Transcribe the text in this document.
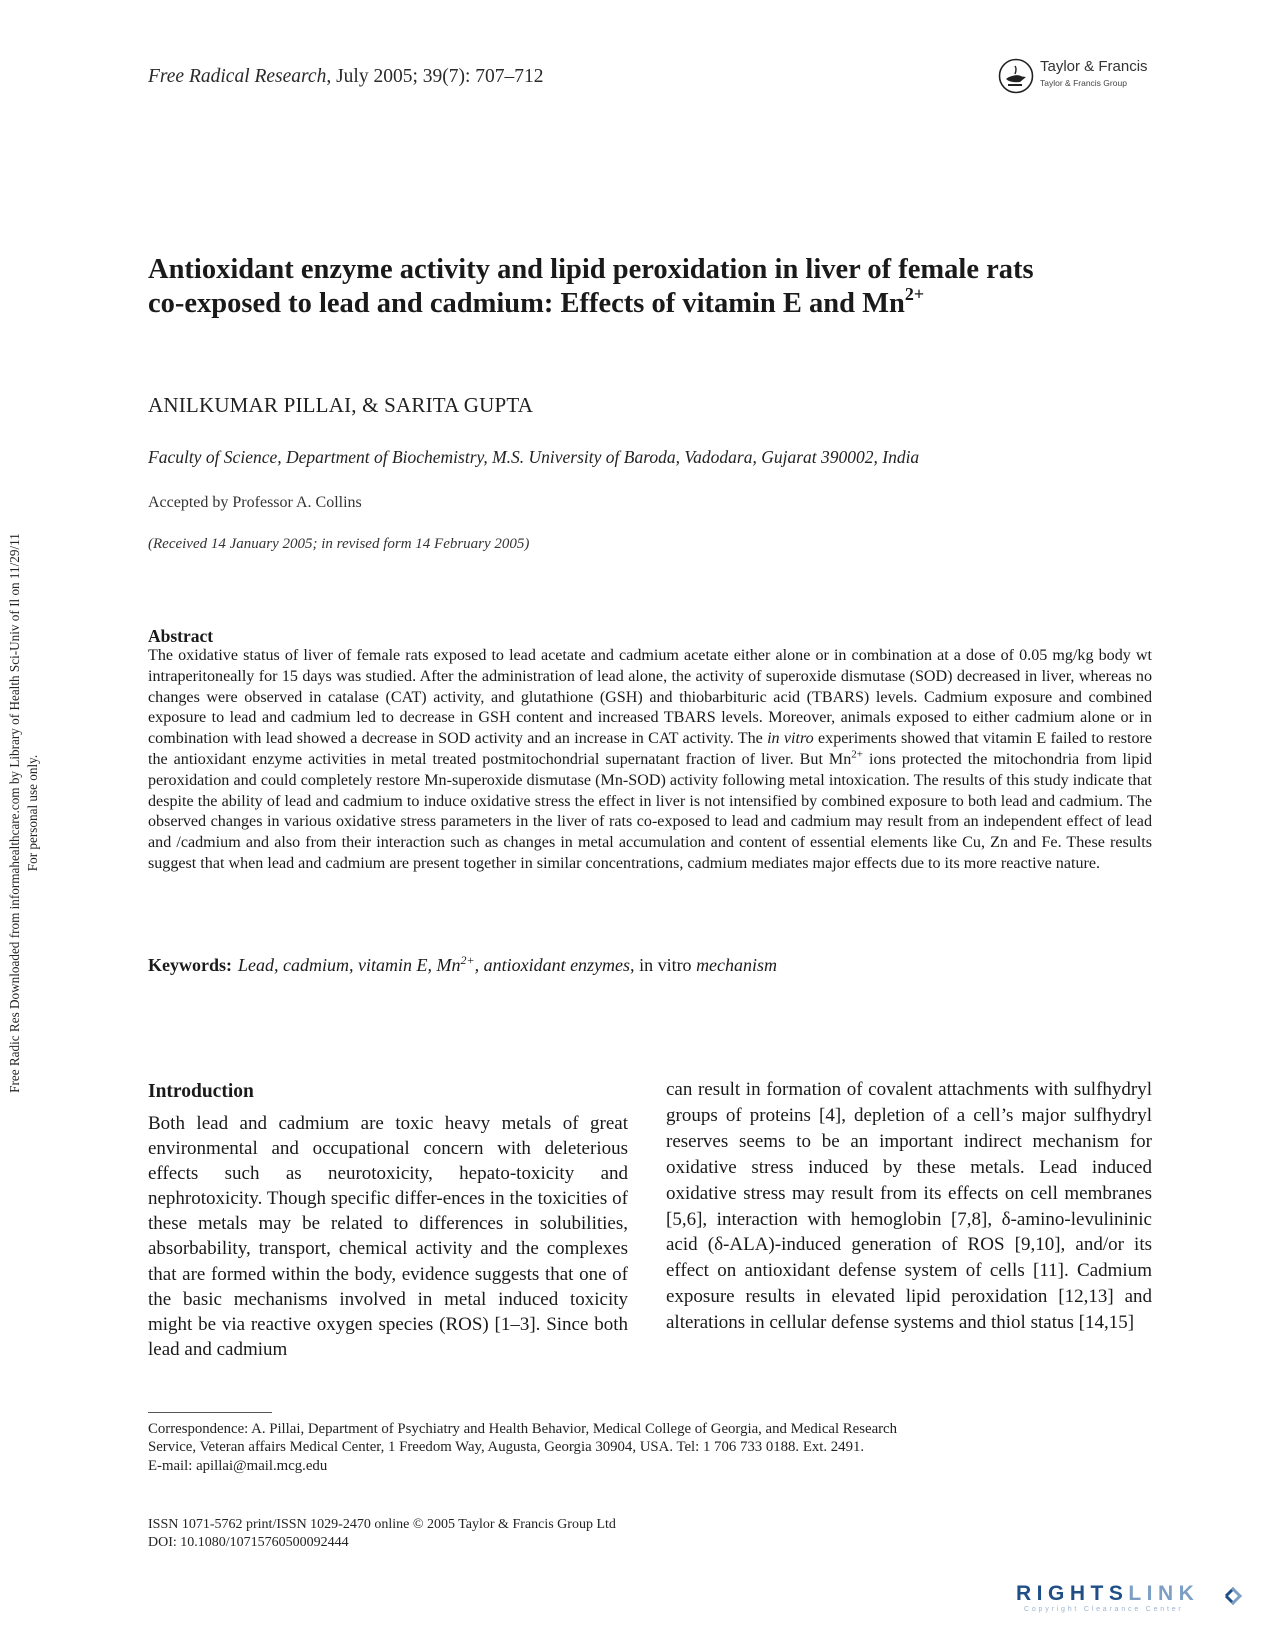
Free Radical Research, July 2005; 39(7): 707–712	Taylor & Francis
Taylor & Francis Group
Antioxidant enzyme activity and lipid peroxidation in liver of female rats
co-exposed to lead and cadmium: Effects of vitamin E and $Mn^{2+}$
ANILKUMAR PILLAI, & SARITA GUPTA
Faculty of Science, Department of Biochemistry, M.S. University of Baroda, Vadodara, Gujarat 390002, India
Accepted by Professor A. Collins
(Received 14 January 2005; in revised form 14 February 2005)
Abstract

The oxidative status of liver of female rats exposed to lead acetate and cadmium acetate either alone or in combination at a dose of 0.05 mg/kg body wt intraperitoneally for 15 days was studied. After the administration of lead alone, the activity of superoxide dismutase (SOD) decreased in liver, whereas no changes were observed in catalase (CAT) activity, and glutathione (GSH) and thiobarbituric acid (TBARS) levels. Cadmium exposure and combined exposure to lead and cadmium led to decrease in GSH content and increased TBARS levels. Moreover, animals exposed to either cadmium alone or in combination with lead showed a decrease in SOD activity and an increase in CAT activity. The in vitro experiments showed that vitamin E failed to restore the antioxidant enzyme activities in metal treated postmitochondrial supernatant fraction of liver. But $Mn^{2+}$ ions protected the mitochondria from lipid peroxidation and could completely restore Mn-superoxide dismutase (Mn-SOD) activity following metal intoxication. The results of this study indicate that despite the ability of lead and cadmium to induce oxidative stress the effect in liver is not intensified by combined exposure to both lead and cadmium. The observed changes in various oxidative stress parameters in the liver of rats co-exposed to lead and cadmium may result from an independent effect of lead and /cadmium and also from their interaction such as changes in metal accumulation and content of essential elements like Cu, Zn and Fe. These results suggest that when lead and cadmium are present together in similar concentrations, cadmium mediates major effects due to its more reactive nature.

Keywords: Lead, cadmium, vitamin E, $Mn^{2+}$, antioxidant enzymes, in vitro mechanism
Introduction

Both lead and cadmium are toxic heavy metals of great environmental and occupational concern with deleterious effects such as neurotoxicity, hepato-toxicity and nephrotoxicity. Though specific differ-ences in the toxicities of these metals may be related to differences in solubilities, absorbability, transport, chemical activity and the complexes that are formed within the body, evidence suggests that one of the basic mechanisms involved in metal induced toxicity might be via reactive oxygen species (ROS) [1–3]. Since both lead and cadmium

can result in formation of covalent attachments with sulfhydryl groups of proteins [4], depletion of a cell’s major sulfhydryl reserves seems to be an important indirect mechanism for oxidative stress induced by these metals. Lead induced oxidative stress may result from its effects on cell membranes [5,6], interaction with hemoglobin [7,8], δ-amino-levulininic acid (δ-ALA)-induced generation of ROS [9,10], and/or its effect on antioxidant defense system of cells [11]. Cadmium exposure results in elevated lipid peroxidation [12,13] and alterations in cellular defense systems and thiol status [14,15]

Correspondence: A. Pillai, Department of Psychiatry and Health Behavior, Medical College of Georgia, and Medical Research
Service, Veteran affairs Medical Center, 1 Freedom Way, Augusta, Georgia 30904, USA. Tel: 1 706 733 0188. Ext. 2491.
E-mail: apillai@mail.mcg.edu

ISSN 1071-5762 print/ISSN 1029-2470 online © 2005 Taylor & Francis Group Ltd
DOI: 10.1080/10715760500092444

Free Radic Res Downloaded from informahealthcare.com by Library of Health Sci-Univ of Il on 11/29/11 For personal use only.
RIGHTSLINK
Copyright Clearance Center
